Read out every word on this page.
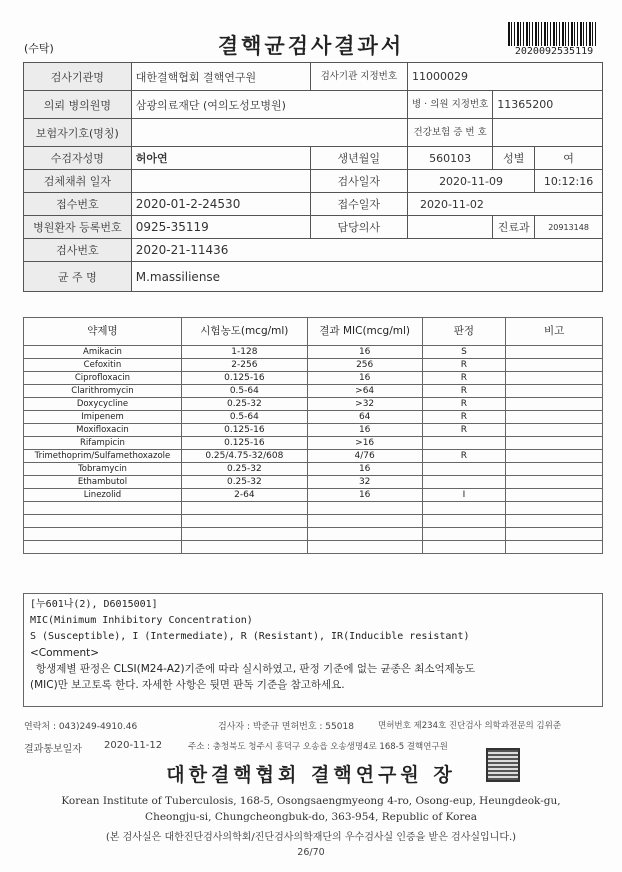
(수탁)	결핵균검사결과서	2020092535119
검사기관명	대한결핵협회 결핵연구원	검사기관 지정번호	11000029		
의뢰 병의원명	삼광의료재단 (여의도성모병원)		병 · 의원 지정번호	11365200	
보험자기호(명칭)			건강보험 증 번 호		
수검자성명	허아연	생년월일	560103	성별	여
검체채취 일자		검사일자	2020-11-09		10:12:16
접수번호	2020-01-2-24530	접수일자	2020-11-02		
병원환자 등록번호	0925-35119	담당의사		진료과	20913148
검사번호	2020-21-11436				
균 주 명	M.massiliense				
약제명	시험농도(mcg/ml)	결과 MIC(mcg/ml)	판정	비고
Amikacin	1-128	16	S	
Cefoxitin	2-256	256	R	
Ciprofloxacin	0.125-16	16	R	
Clarithromycin	0.5-64	>64	R	
Doxycycline	0.25-32	>32	R	
Imipenem	0.5-64	64	R	
Moxifloxacin	0.125-16	16	R	
Rifampicin	0.125-16	>16		
Trimethoprim/Sulfamethoxazole	0.25/4.75-32/608	4/76	R	
Tobramycin	0.25-32	16		
Ethambutol	0.25-32	32		
Linezolid	2-64	16	I	

[누601나(2), D6015001]
MIC(Minimum Inhibitory Concentration)
S (Susceptible), I (Intermediate), R (Resistant), IR(Inducible resistant)
<Comment>
항생제별 판정은 CLSI(M24-A2)기준에 따라 실시하였고, 판정 기준에 없는 균종은 최소억제농도
(MIC)만 보고토록 한다. 자세한 사항은 뒷면 판독 기준을 참고하세요.
연락처 : 043)249-4910.46	검사자 : 박준규 면허번호 : 55018	면허번호 제234호 진단검사 의학과전문의 김위준
결과통보일자 2020-11-12	주소 : 충청북도 청주시 흥덕구 오송읍 오송생명4로 168-5 결핵연구원
대한결핵협회 결핵연구원 장
Korean Institute of Tuberculosis, 168-5, Osongsaengmyeong 4-ro, Osong-eup, Heungdeok-gu,
Cheongju-si, Chungcheongbuk-do, 363-954, Republic of Korea
(본 검사실은 대한진단검사의학회/진단검사의학재단의 우수검사실 인증을 받은 검사실입니다.)
26/70
